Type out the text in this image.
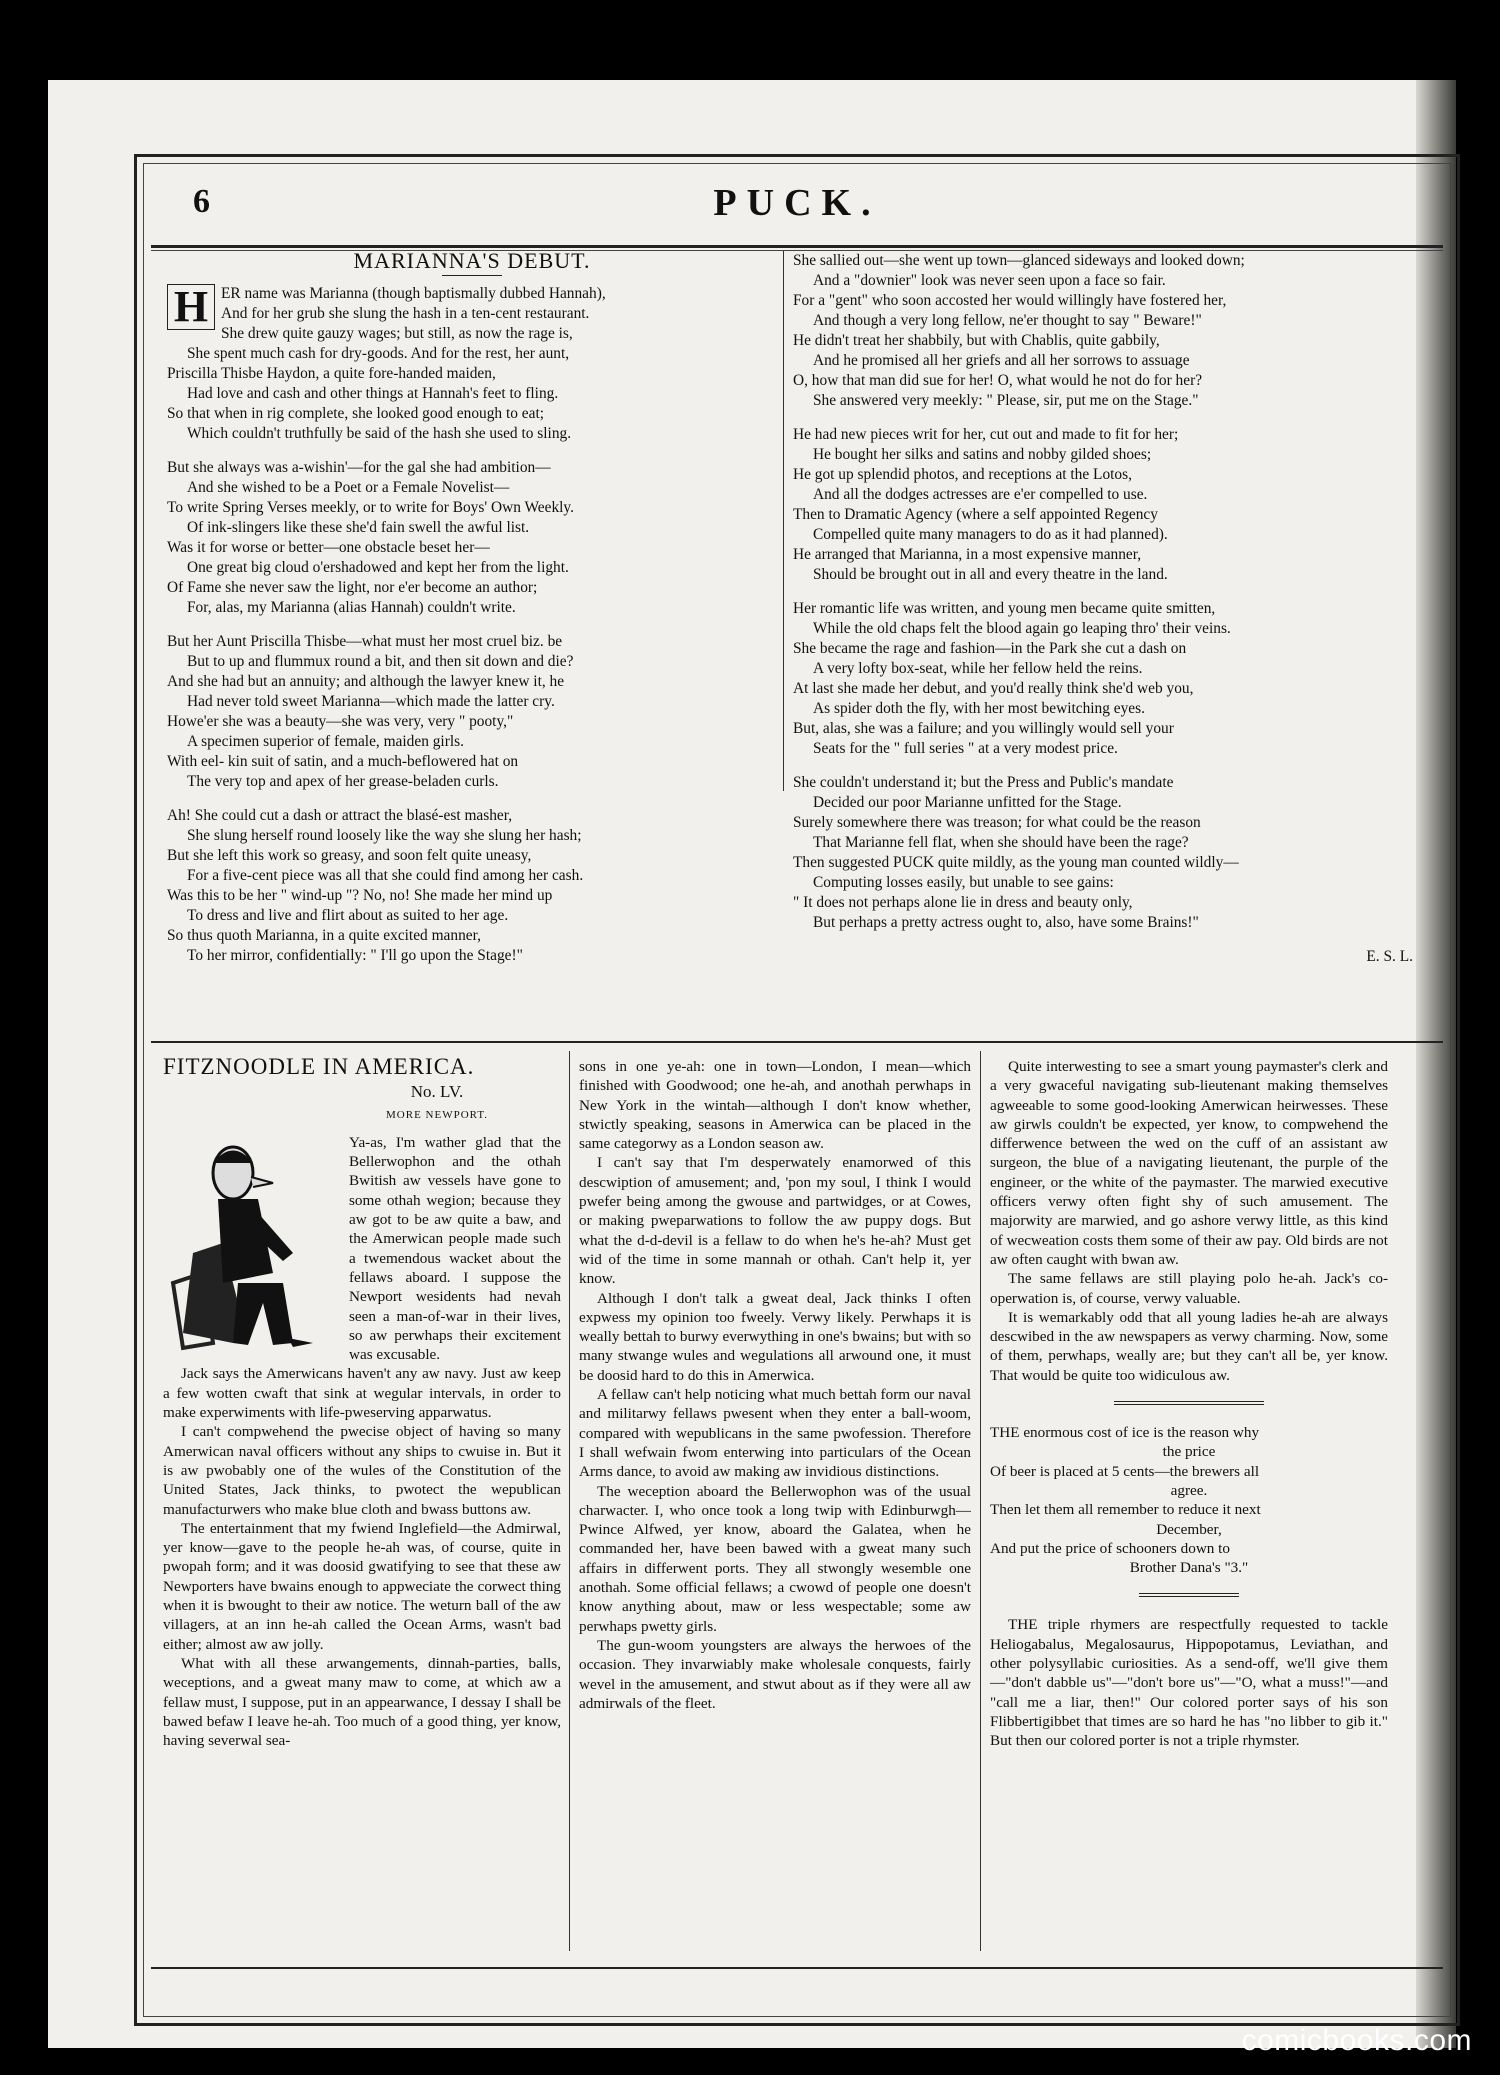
6	PUCK.
MARIANNA'S DEBUT.
H ER name was Marianna (though baptismally dubbed Hannah),
And for her grub she slung the hash in a ten-cent restaurant.
She drew quite gauzy wages; but still, as now the rage is,
She spent much cash for dry-goods. And for the rest, her aunt,
Priscilla Thisbe Haydon, a quite fore-handed maiden,
Had love and cash and other things at Hannah's feet to fling.
So that when in rig complete, she looked good enough to eat;
Which couldn't truthfully be said of the hash she used to sling.
But she always was a-wishin'—for the gal she had ambition—
And she wished to be a Poet or a Female Novelist—
To write Spring Verses meekly, or to write for Boys' Own Weekly.
Of ink-slingers like these she'd fain swell the awful list.
Was it for worse or better—one obstacle beset her—
One great big cloud o'ershadowed and kept her from the light.
Of Fame she never saw the light, nor e'er become an author;
For, alas, my Marianna (alias Hannah) couldn't write.
But her Aunt Priscilla Thisbe—what must her most cruel biz. be
But to up and flummux round a bit, and then sit down and die?
And she had but an annuity; and although the lawyer knew it, he
Had never told sweet Marianna—which made the latter cry.
Howe'er she was a beauty—she was very, very " pooty,"
A specimen superior of female, maiden girls.
With eel- kin suit of satin, and a much-beflowered hat on
The very top and apex of her grease-beladen curls.
Ah! She could cut a dash or attract the blasé-est masher,
She slung herself round loosely like the way she slung her hash;
But she left this work so greasy, and soon felt quite uneasy,
For a five-cent piece was all that she could find among her cash.
Was this to be her " wind-up "? No, no! She made her mind up
To dress and live and flirt about as suited to her age.
So thus quoth Marianna, in a quite excited manner,
To her mirror, confidentially: " I'll go upon the Stage!"
She sallied out—she went up town—glanced sideways and looked down;
And a "downier" look was never seen upon a face so fair.
For a "gent" who soon accosted her would willingly have fostered her,
And though a very long fellow, ne'er thought to say " Beware!"
He didn't treat her shabbily, but with Chablis, quite gabbily,
And he promised all her griefs and all her sorrows to assuage
O, how that man did sue for her! O, what would he not do for her?
She answered very meekly: " Please, sir, put me on the Stage."
He had new pieces writ for her, cut out and made to fit for her;
He bought her silks and satins and nobby gilded shoes;
He got up splendid photos, and receptions at the Lotos,
And all the dodges actresses are e'er compelled to use.
Then to Dramatic Agency (where a self appointed Regency
Compelled quite many managers to do as it had planned).
He arranged that Marianna, in a most expensive manner,
Should be brought out in all and every theatre in the land.
Her romantic life was written, and young men became quite smitten,
While the old chaps felt the blood again go leaping thro' their veins.
She became the rage and fashion—in the Park she cut a dash on
A very lofty box-seat, while her fellow held the reins.
At last she made her debut, and you'd really think she'd web you,
As spider doth the fly, with her most bewitching eyes.
But, alas, she was a failure; and you willingly would sell your
Seats for the " full series " at a very modest price.
She couldn't understand it; but the Press and Public's mandate
Decided our poor Marianne unfitted for the Stage.
Surely somewhere there was treason; for what could be the reason
That Marianne fell flat, when she should have been the rage?
Then suggested PUCK quite mildly, as the young man counted wildly—
Computing losses easily, but unable to see gains:
" It does not perhaps alone lie in dress and beauty only,
But perhaps a pretty actress ought to, also, have some Brains!"
E. S. L.
FITZNOODLE IN AMERICA.
No. LV.
MORE NEWPORT.

Ya-as, I'm wather glad that the Bellerwophon and the othah Bwitish aw vessels have gone to some othah wegion; because they aw got to be aw quite a baw, and the Amerwican people made such a twemendous wacket about the fellaws aboard. I suppose the Newport wesidents had nevah seen a man-of-war in their lives, so aw perwhaps their excitement was excusable.

Jack says the Amerwicans haven't any aw navy. Just aw keep a few wotten cwaft that sink at wegular intervals, in order to make experwiments with life-pweserving apparwatus.

I can't compwehend the pwecise object of having so many Amerwican naval officers without any ships to cwuise in. But it is aw pwobably one of the wules of the Constitution of the United States, Jack thinks, to pwotect the wepublican manufacturwers who make blue cloth and bwass buttons aw.

The entertainment that my fwiend Inglefield—the Admirwal, yer know—gave to the people he-ah was, of course, quite in pwopah form; and it was doosid gwatifying to see that these aw Newporters have bwains enough to appweciate the corwect thing when it is bwought to their aw notice. The weturn ball of the aw villagers, at an inn he-ah called the Ocean Arms, wasn't bad either; almost aw aw jolly.

What with all these arwangements, dinnah-parties, balls, weceptions, and a gweat many maw to come, at which aw a fellaw must, I suppose, put in an appearwance, I dessay I shall be bawed befaw I leave he-ah. Too much of a good thing, yer know, having severwal sea-

sons in one ye-ah: one in town—London, I mean—which finished with Goodwood; one he-ah, and anothah perwhaps in New York in the wintah—although I don't know whether, stwictly speaking, seasons in Amerwica can be placed in the same categorwy as a London season aw.

I can't say that I'm desperwately enamorwed of this descwiption of amusement; and, 'pon my soul, I think I would pwefer being among the gwouse and partwidges, or at Cowes, or making pweparwations to follow the aw puppy dogs. But what the d-d-devil is a fellaw to do when he's he-ah? Must get wid of the time in some mannah or othah. Can't help it, yer know.

Although I don't talk a gweat deal, Jack thinks I often expwess my opinion too fweely. Verwy likely. Perwhaps it is weally bettah to burwy everwything in one's bwains; but with so many stwange wules and wegulations all arwound one, it must be doosid hard to do this in Amerwica.

A fellaw can't help noticing what much bettah form our naval and militarwy fellaws pwesent when they enter a ball-woom, compared with wepublicans in the same pwofession. Therefore I shall wefwain fwom enterwing into particulars of the Ocean Arms dance, to avoid aw making aw invidious distinctions.

The weception aboard the Bellerwophon was of the usual charwacter. I, who once took a long twip with Edinburwgh—Pwince Alfwed, yer know, aboard the Galatea, when he commanded her, have been bawed with a gweat many such affairs in differwent ports. They all stwongly wesemble one anothah. Some official fellaws; a cwowd of people one doesn't know anything about, maw or less wespectable; some aw perwhaps pwetty girls.

The gun-woom youngsters are always the herwoes of the occasion. They invarwiably make wholesale conquests, fairly wevel in the amusement, and stwut about as if they were all aw admirwals of the fleet.

Quite interwesting to see a smart young paymaster's clerk and a very gwaceful navigating sub-lieutenant making themselves agweeable to some good-looking Amerwican heirwesses. These aw girwls couldn't be expected, yer know, to compwehend the differwence between the wed on the cuff of an assistant aw surgeon, the blue of a navigating lieutenant, the purple of the engineer, or the white of the paymaster. The marwied executive officers verwy often fight shy of such amusement. The majorwity are marwied, and go ashore verwy little, as this kind of wecweation costs them some of their aw pay. Old birds are not aw often caught with bwan aw.

The same fellaws are still playing polo he-ah. Jack's co-operwation is, of course, verwy valuable.

It is wemarkably odd that all young ladies he-ah are always descwibed in the aw newspapers as verwy charming. Now, some of them, perwhaps, weally are; but they can't all be, yer know. That would be quite too widiculous aw.

THE enormous cost of ice is the reason why
the price
Of beer is placed at 5 cents—the brewers all
agree.
Then let them all remember to reduce it next
December,
And put the price of schooners down to
Brother Dana's "3."

THE triple rhymers are respectfully requested to tackle Heliogabalus, Megalosaurus, Hippopotamus, Leviathan, and other polysyllabic curiosities. As a send-off, we'll give them—"don't dabble us"—"don't bore us"—"O, what a muss!"—and "call me a liar, then!" Our colored porter says of his son Flibbertigibbet that times are so hard he has "no libber to gib it." But then our colored porter is not a triple rhymster.

comicbooks.com
